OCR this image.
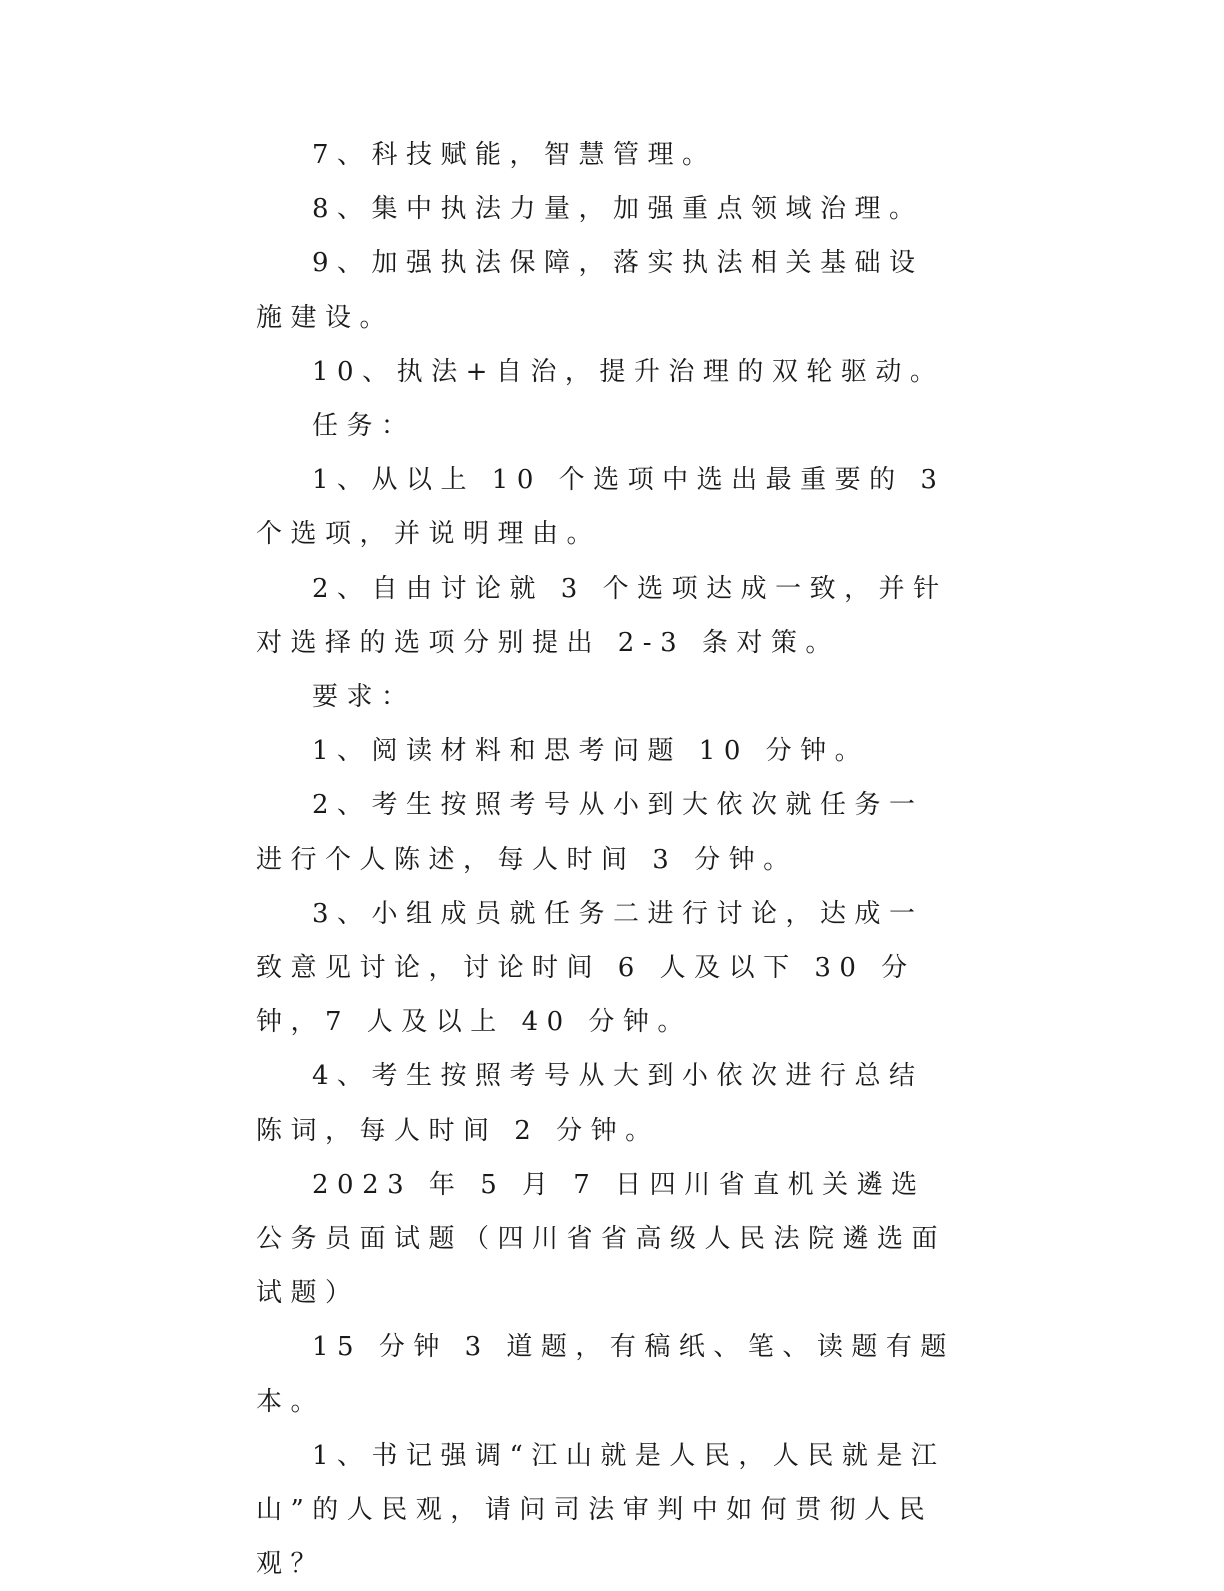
7、科技赋能，智慧管理。

8、集中执法力量，加强重点领域治理。

9、加强执法保障，落实执法相关基础设施建设。

10、执法+自治，提升治理的双轮驱动。

任务：

1、从以上 10 个选项中选出最重要的 3 个选项，并说明理由。

2、自由讨论就 3 个选项达成一致，并针对选择的选项分别提出 2-3 条对策。

要求：

1、阅读材料和思考问题 10 分钟。

2、考生按照考号从小到大依次就任务一进行个人陈述，每人时间 3 分钟。

3、小组成员就任务二进行讨论，达成一致意见讨论，讨论时间 6 人及以下 30 分钟，7 人及以上 40 分钟。

4、考生按照考号从大到小依次进行总结陈词，每人时间 2 分钟。

2023 年 5 月 7 日四川省直机关遴选公务员面试题（四川省省高级人民法院遴选面试题）

15 分钟 3 道题，有稿纸、笔、读题有题本。

1、书记强调“江山就是人民，人民就是江山”的人民观，请问司法审判中如何贯彻人民观？
